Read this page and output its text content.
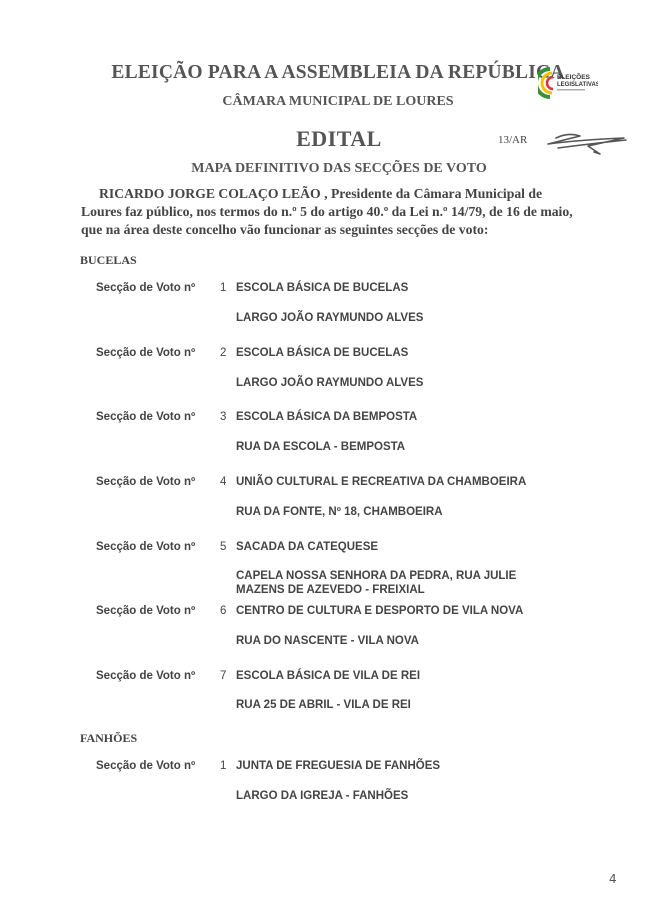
ELEIÇÃO PARA A ASSEMBLEIA DA REPÚBLICA
CÂMARA MUNICIPAL DE LOURES
ELEIÇÕES
LEGISLATIVAS
EDITAL	13/AR
MAPA DEFINITIVO DAS SECÇÕES DE VOTO
RICARDO JORGE COLAÇO LEÃO , Presidente da Câmara Municipal de
Loures faz público, nos termos do n.º 5 do artigo 40.º da Lei n.º 14/79, de 16 de maio,
que na área deste concelho vão funcionar as seguintes secções de voto:
BUCELAS
Secção de Voto nº 1 ESCOLA BÁSICA DE BUCELAS
LARGO JOÃO RAYMUNDO ALVES
Secção de Voto nº 2 ESCOLA BÁSICA DE BUCELAS
LARGO JOÃO RAYMUNDO ALVES
Secção de Voto nº 3 ESCOLA BÁSICA DA BEMPOSTA
RUA DA ESCOLA - BEMPOSTA
Secção de Voto nº 4 UNIÃO CULTURAL E RECREATIVA DA CHAMBOEIRA
RUA DA FONTE, Nº 18, CHAMBOEIRA
Secção de Voto nº 5 SACADA DA CATEQUESE
CAPELA NOSSA SENHORA DA PEDRA, RUA JULIE MAZENS DE AZEVEDO - FREIXIAL
Secção de Voto nº 6 CENTRO DE CULTURA E DESPORTO DE VILA NOVA
RUA DO NASCENTE - VILA NOVA
Secção de Voto nº 7 ESCOLA BÁSICA DE VILA DE REI
RUA 25 DE ABRIL - VILA DE REI
FANHÕES
Secção de Voto nº 1 JUNTA DE FREGUESIA DE FANHÕES
LARGO DA IGREJA - FANHÕES
4
